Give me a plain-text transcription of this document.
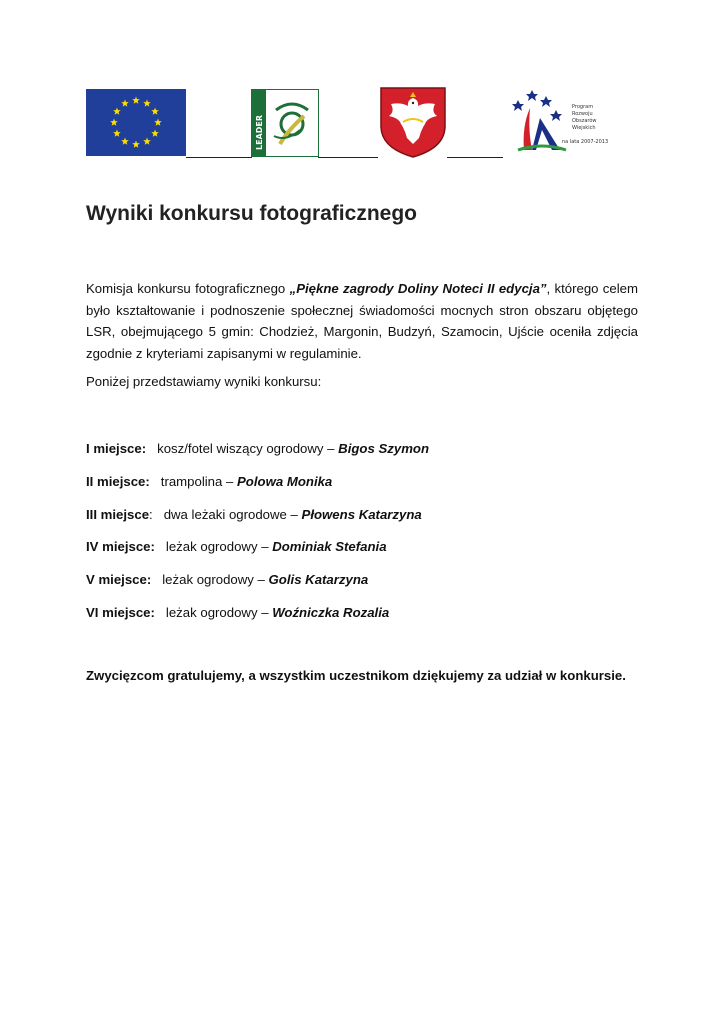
LEADER
Program
Rozwoju
Obszarów
Wiejskich
na lata 2007-2013
Wyniki konkursu fotograficznego

Komisja konkursu fotograficznego „Piękne zagrody Doliny Noteci II edycja”, którego celem było kształtowanie i podnoszenie społecznej świadomości mocnych stron obszaru objętego LSR, obejmującego 5 gmin: Chodzież, Margonin, Budzyń, Szamocin, Ujście oceniła zdjęcia zgodnie z kryteriami zapisanymi w regulaminie.

Poniżej przedstawiamy wyniki konkursu:

I miejsce: kosz/fotel wiszący ogrodowy – Bigos Szymon
II miejsce: trampolina – Polowa Monika
III miejsce:   dwa leżaki ogrodowe – Płowens Katarzyna
IV miejsce: leżak ogrodowy – Dominiak Stefania
V miejsce: leżak ogrodowy – Golis Katarzyna
VI miejsce: leżak ogrodowy – Woźniczka Rozalia

Zwycięzcom gratulujemy, a wszystkim uczestnikom dziękujemy za udział w konkursie.
